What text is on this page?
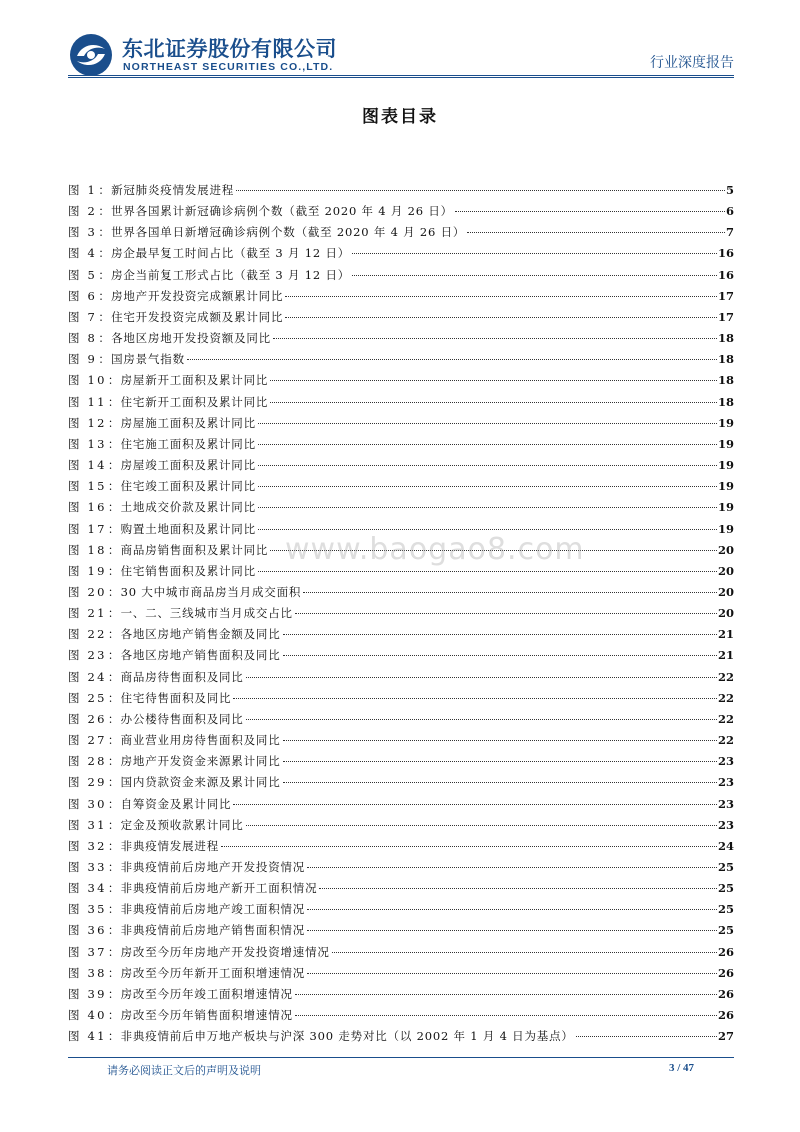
东北证券股份有限公司
NORTHEAST SECURITIES CO.,LTD.	行业深度报告
图表目录
图 1 ： 新冠肺炎疫情发展进程	5
图 2 ： 世界各国累计新冠确诊病例个数（截至 2020 年 4 月 26 日）	6
图 3 ： 世界各国单日新增冠确诊病例个数（截至 2020 年 4 月 26 日）	7
图 4 ： 房企最早复工时间占比（截至 3 月 12 日）	16
图 5 ： 房企当前复工形式占比（截至 3 月 12 日）	16
图 6 ： 房地产开发投资完成额累计同比	17
图 7 ： 住宅开发投资完成额及累计同比	17
图 8 ： 各地区房地开发投资额及同比	18
图 9 ： 国房景气指数	18
图 10 ： 房屋新开工面积及累计同比	18
图 11 ： 住宅新开工面积及累计同比	18
图 12 ： 房屋施工面积及累计同比	19
图 13 ： 住宅施工面积及累计同比	19
图 14 ： 房屋竣工面积及累计同比	19
图 15 ： 住宅竣工面积及累计同比	19
图 16 ： 土地成交价款及累计同比	19
图 17 ： 购置土地面积及累计同比	19
图 18 ： 商品房销售面积及累计同比	20
图 19 ： 住宅销售面积及累计同比	20
图 20 ： 30 大中城市商品房当月成交面积	20
图 21 ： 一、二、三线城市当月成交占比	20
图 22 ： 各地区房地产销售金额及同比	21
图 23 ： 各地区房地产销售面积及同比	21
图 24 ： 商品房待售面积及同比	22
图 25 ： 住宅待售面积及同比	22
图 26 ： 办公楼待售面积及同比	22
图 27 ： 商业营业用房待售面积及同比	22
图 28 ： 房地产开发资金来源累计同比	23
图 29 ： 国内贷款资金来源及累计同比	23
图 30 ： 自筹资金及累计同比	23
图 31 ： 定金及预收款累计同比	23
图 32 ： 非典疫情发展进程	24
图 33 ： 非典疫情前后房地产开发投资情况	25
图 34 ： 非典疫情前后房地产新开工面积情况	25
图 35 ： 非典疫情前后房地产竣工面积情况	25
图 36 ： 非典疫情前后房地产销售面积情况	25
图 37 ： 房改至今历年房地产开发投资增速情况	26
图 38 ： 房改至今历年新开工面积增速情况	26
图 39 ： 房改至今历年竣工面积增速情况	26
图 40 ： 房改至今历年销售面积增速情况	26
图 41 ： 非典疫情前后申万地产板块与沪深 300 走势对比（以 2002 年 1 月 4 日为基点）	27
www.baogao8.com
请务必阅读正文后的声明及说明	3 / 47
